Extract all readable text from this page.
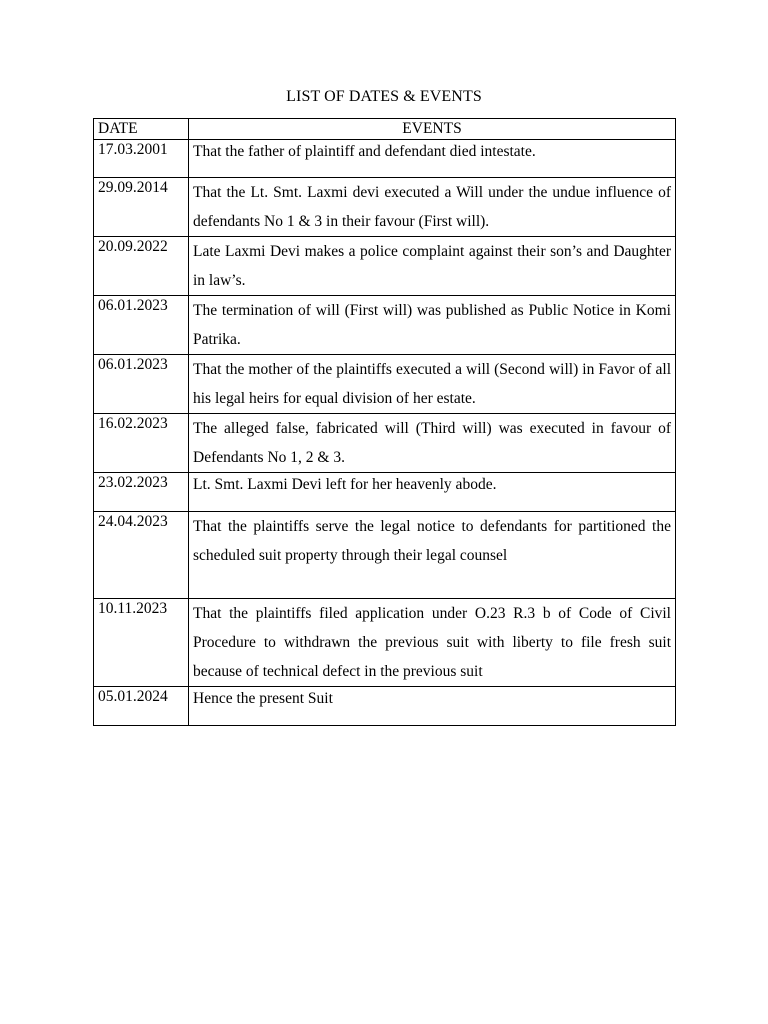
LIST OF DATES & EVENTS
DATE	EVENTS
17.03.2001	That the father of plaintiff and defendant died intestate.
29.09.2014	That the Lt. Smt. Laxmi devi executed a Will under the undue influence of defendants No 1 & 3 in their favour (First will).
20.09.2022	Late Laxmi Devi makes a police complaint against their son’s and Daughter in law’s.
06.01.2023	The termination of will (First will) was published as Public Notice in Komi Patrika.
06.01.2023	That the mother of the plaintiffs executed a will (Second will) in Favor of all his legal heirs for equal division of her estate.
16.02.2023	The alleged false, fabricated will (Third will) was executed in favour of Defendants No 1, 2 & 3.
23.02.2023	Lt. Smt. Laxmi Devi left for her heavenly abode.
24.04.2023	That the plaintiffs serve the legal notice to defendants for partitioned the scheduled suit property through their legal counsel
10.11.2023	That the plaintiffs filed application under O.23 R.3 b of Code of Civil Procedure to withdrawn the previous suit with liberty to file fresh suit because of technical defect in the previous suit
05.01.2024	Hence the present Suit
